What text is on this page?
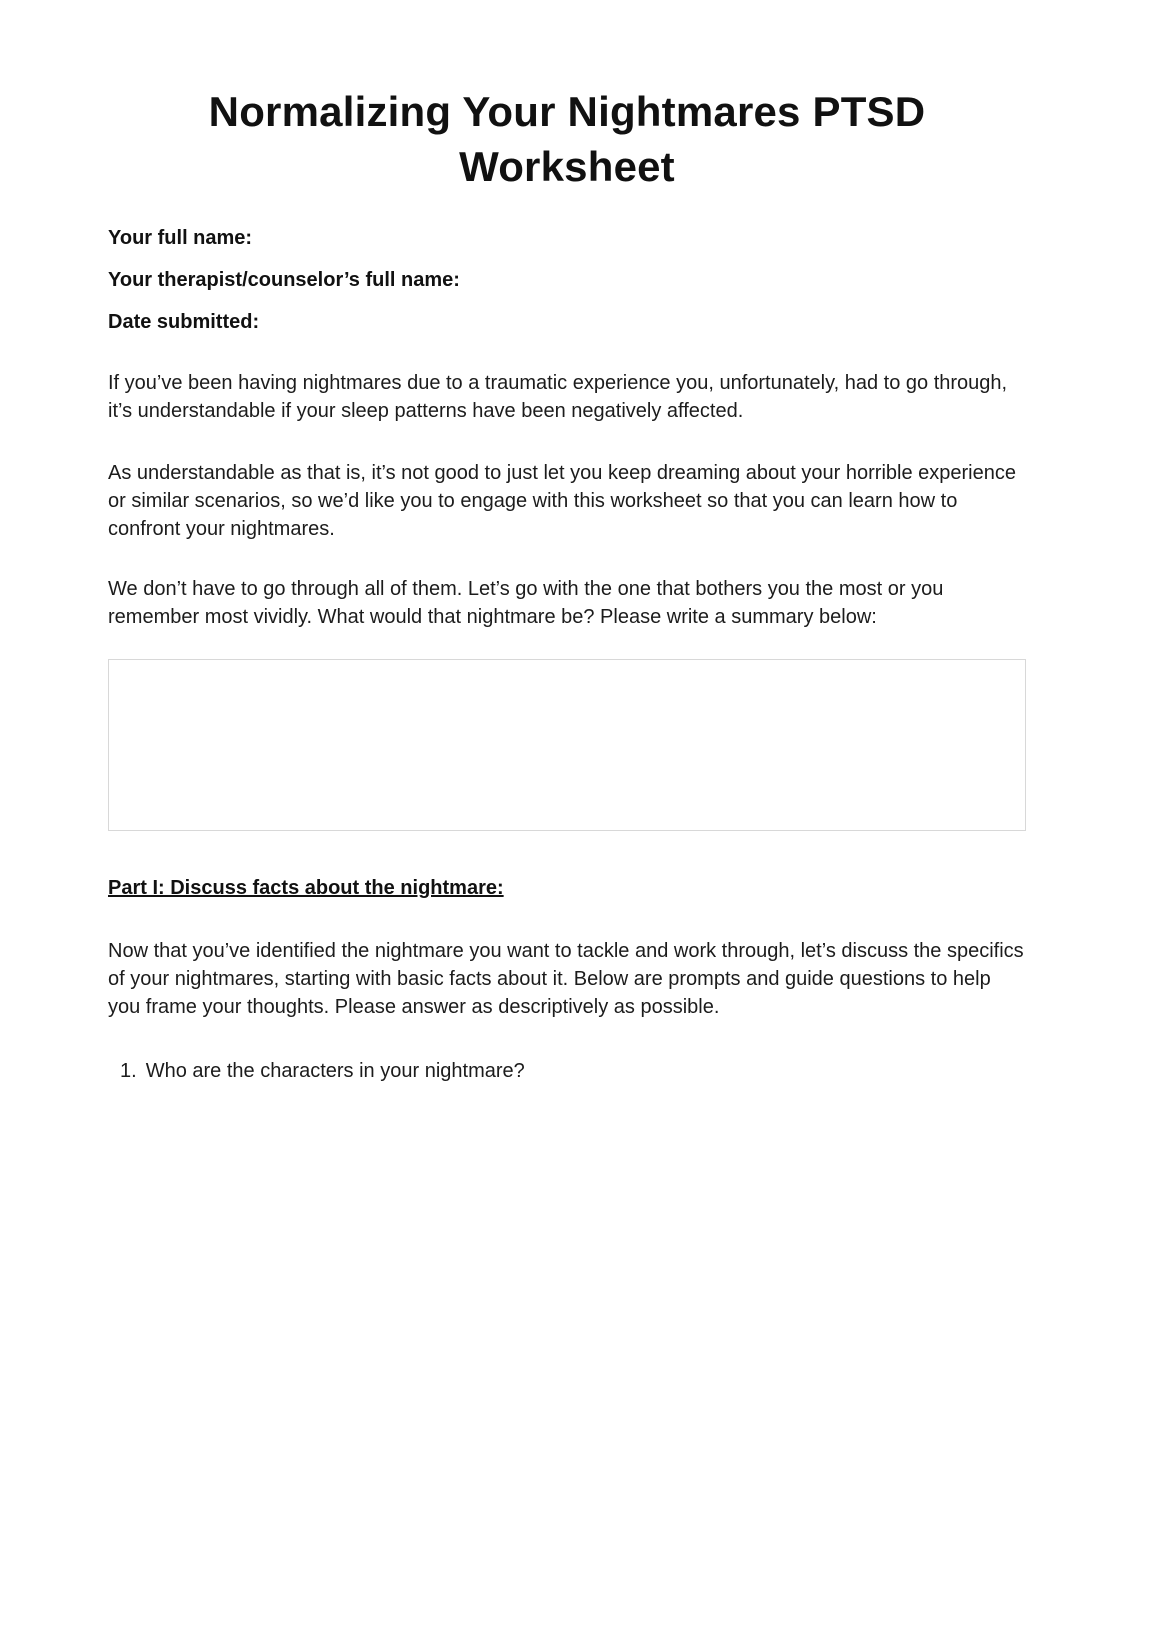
Normalizing Your Nightmares PTSD Worksheet
Your full name:
Your therapist/counselor’s full name:
Date submitted:

If you’ve been having nightmares due to a traumatic experience you, unfortunately, had to go through, it’s understandable if your sleep patterns have been negatively affected.

As understandable as that is, it’s not good to just let you keep dreaming about your horrible experience or similar scenarios, so we’d like you to engage with this worksheet so that you can learn how to confront your nightmares.

We don’t have to go through all of them. Let’s go with the one that bothers you the most or you remember most vividly. What would that nightmare be? Please write a summary below:

Part I: Discuss facts about the nightmare:

Now that you’ve identified the nightmare you want to tackle and work through, let’s discuss the specifics of your nightmares, starting with basic facts about it. Below are prompts and guide questions to help you frame your thoughts. Please answer as descriptively as possible.

1. Who are the characters in your nightmare?
